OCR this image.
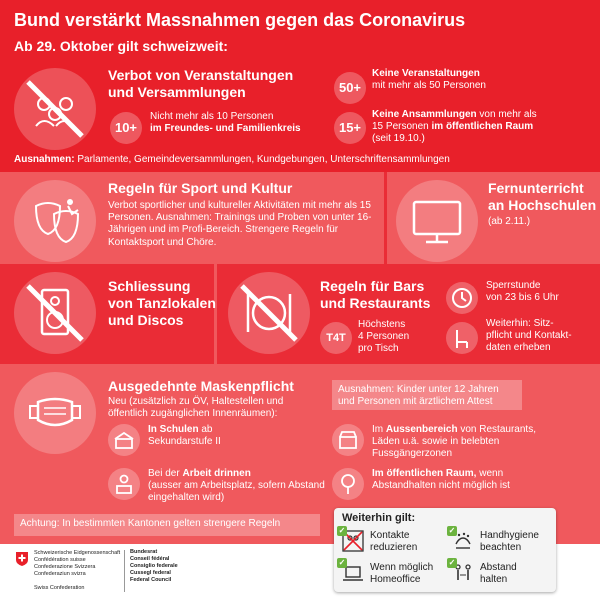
Bund verstärkt Massnahmen gegen das Coronavirus
Ab 29. Oktober gilt schweizweit:
Verbot von Veranstaltungen
und Versammlungen
10+
Nicht mehr als 10 Personen
im Freundes- und Familienkreis
50+
Keine Veranstaltungen
mit mehr als 50 Personen
15+
Keine Ansammlungen von mehr als
15 Personen im öffentlichen Raum
(seit 19.10.)
Ausnahmen: Parlamente, Gemeindeversammlungen, Kundgebungen, Unterschriftensammlungen
Regeln für Sport und Kultur
Verbot sportlicher und kultureller Aktivitäten mit mehr als 15 Personen. Ausnahmen: Trainings und Proben von unter 16-Jährigen und im Profi-Bereich. Strengere Regeln für Kontaktsport und Chöre.
Fernunterricht
an Hochschulen
(ab 2.11.)
Schliessung
von Tanzlokalen
und Discos
Regeln für Bars
und Restaurants
T4T
Höchstens
4 Personen
pro Tisch
Sperrstunde
von 23 bis 6 Uhr
Weiterhin: Sitz-
pflicht und Kontakt-
daten erheben
Ausgedehnte Maskenpflicht
Neu (zusätzlich zu ÖV, Haltestellen und öffentlich zugänglichen Innenräumen):
Ausnahmen: Kinder unter 12 Jahren und Personen mit ärztlichem Attest
In Schulen ab
Sekundarstufe II
Bei der Arbeit drinnen
(ausser am Arbeitsplatz, sofern Abstand eingehalten wird)
Im Aussenbereich von Restaurants, Läden u.ä. sowie in belebten Fussgängerzonen
Im öffentlichen Raum, wenn Abstandhalten nicht möglich ist
Achtung: In bestimmten Kantonen gelten strengere Regeln
Schweizerische Eidgenossenschaft
Confédération suisse
Confederazione Svizzera
Confederaziun svizra
Swiss Confederation
Bundesrat
Conseil fédéral
Consiglio federale
Cussegl federal
Federal Council
Weiterhin gilt:
✓ Kontakte
reduzieren
✓ Handhygiene
beachten
✓ Wenn möglich
Homeoffice
✓ Abstand
halten
